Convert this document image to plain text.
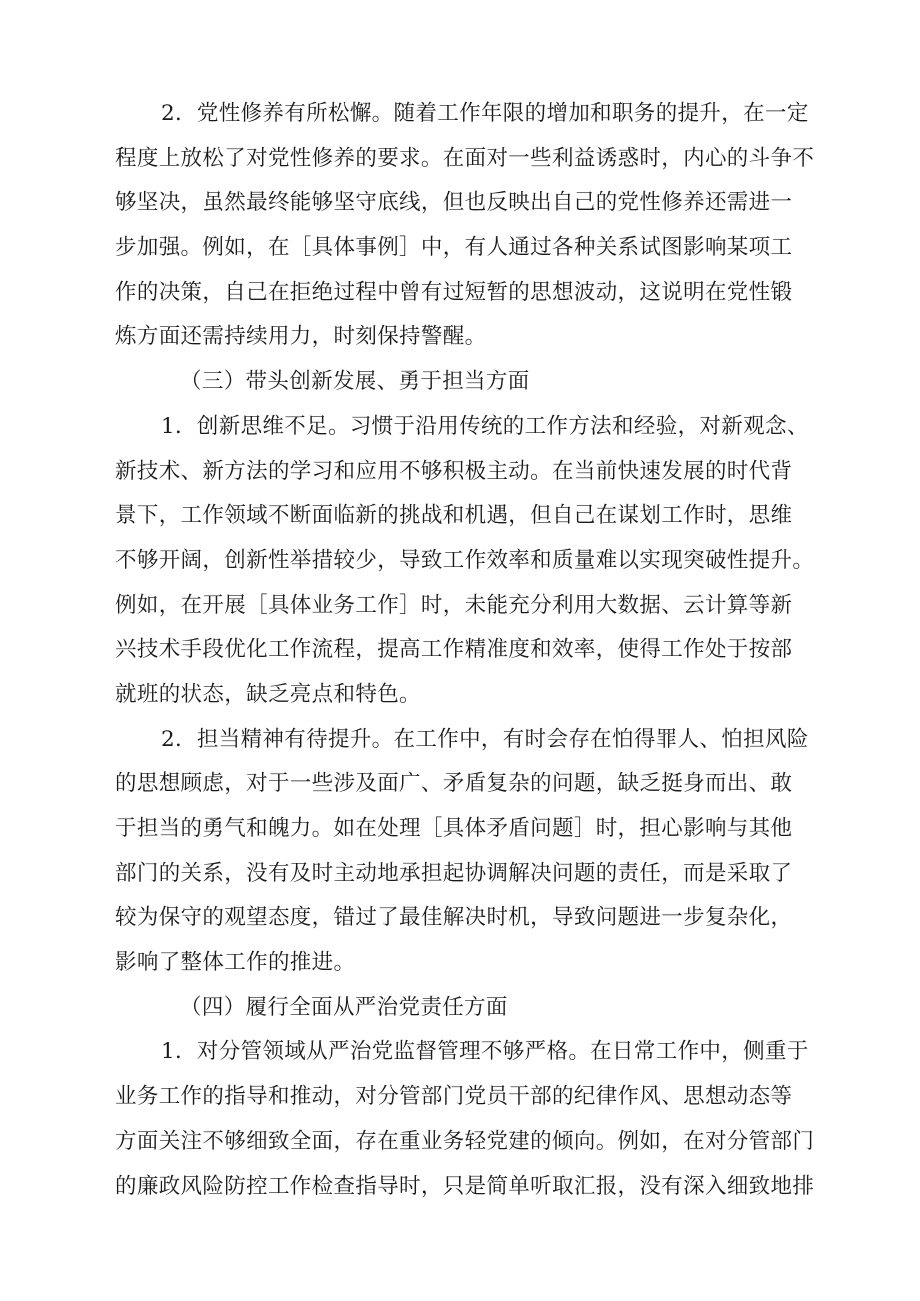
2．党性修养有所松懈。随着工作年限的增加和职务的提升，在一定
程度上放松了对党性修养的要求。在面对一些利益诱惑时，内心的斗争不
够坚决，虽然最终能够坚守底线，但也反映出自己的党性修养还需进一
步加强。例如，在［具体事例］中，有人通过各种关系试图影响某项工
作的决策，自己在拒绝过程中曾有过短暂的思想波动，这说明在党性锻
炼方面还需持续用力，时刻保持警醒。
（三）带头创新发展、勇于担当方面
1．创新思维不足。习惯于沿用传统的工作方法和经验，对新观念、
新技术、新方法的学习和应用不够积极主动。在当前快速发展的时代背
景下，工作领域不断面临新的挑战和机遇，但自己在谋划工作时，思维
不够开阔，创新性举措较少，导致工作效率和质量难以实现突破性提升。
例如，在开展［具体业务工作］时，未能充分利用大数据、云计算等新
兴技术手段优化工作流程，提高工作精准度和效率，使得工作处于按部
就班的状态，缺乏亮点和特色。
2．担当精神有待提升。在工作中，有时会存在怕得罪人、怕担风险
的思想顾虑，对于一些涉及面广、矛盾复杂的问题，缺乏挺身而出、敢
于担当的勇气和魄力。如在处理［具体矛盾问题］时，担心影响与其他
部门的关系，没有及时主动地承担起协调解决问题的责任，而是采取了
较为保守的观望态度，错过了最佳解决时机，导致问题进一步复杂化，
影响了整体工作的推进。
（四）履行全面从严治党责任方面
1．对分管领域从严治党监督管理不够严格。在日常工作中，侧重于
业务工作的指导和推动，对分管部门党员干部的纪律作风、思想动态等
方面关注不够细致全面，存在重业务轻党建的倾向。例如，在对分管部门
的廉政风险防控工作检查指导时，只是简单听取汇报，没有深入细致地排
